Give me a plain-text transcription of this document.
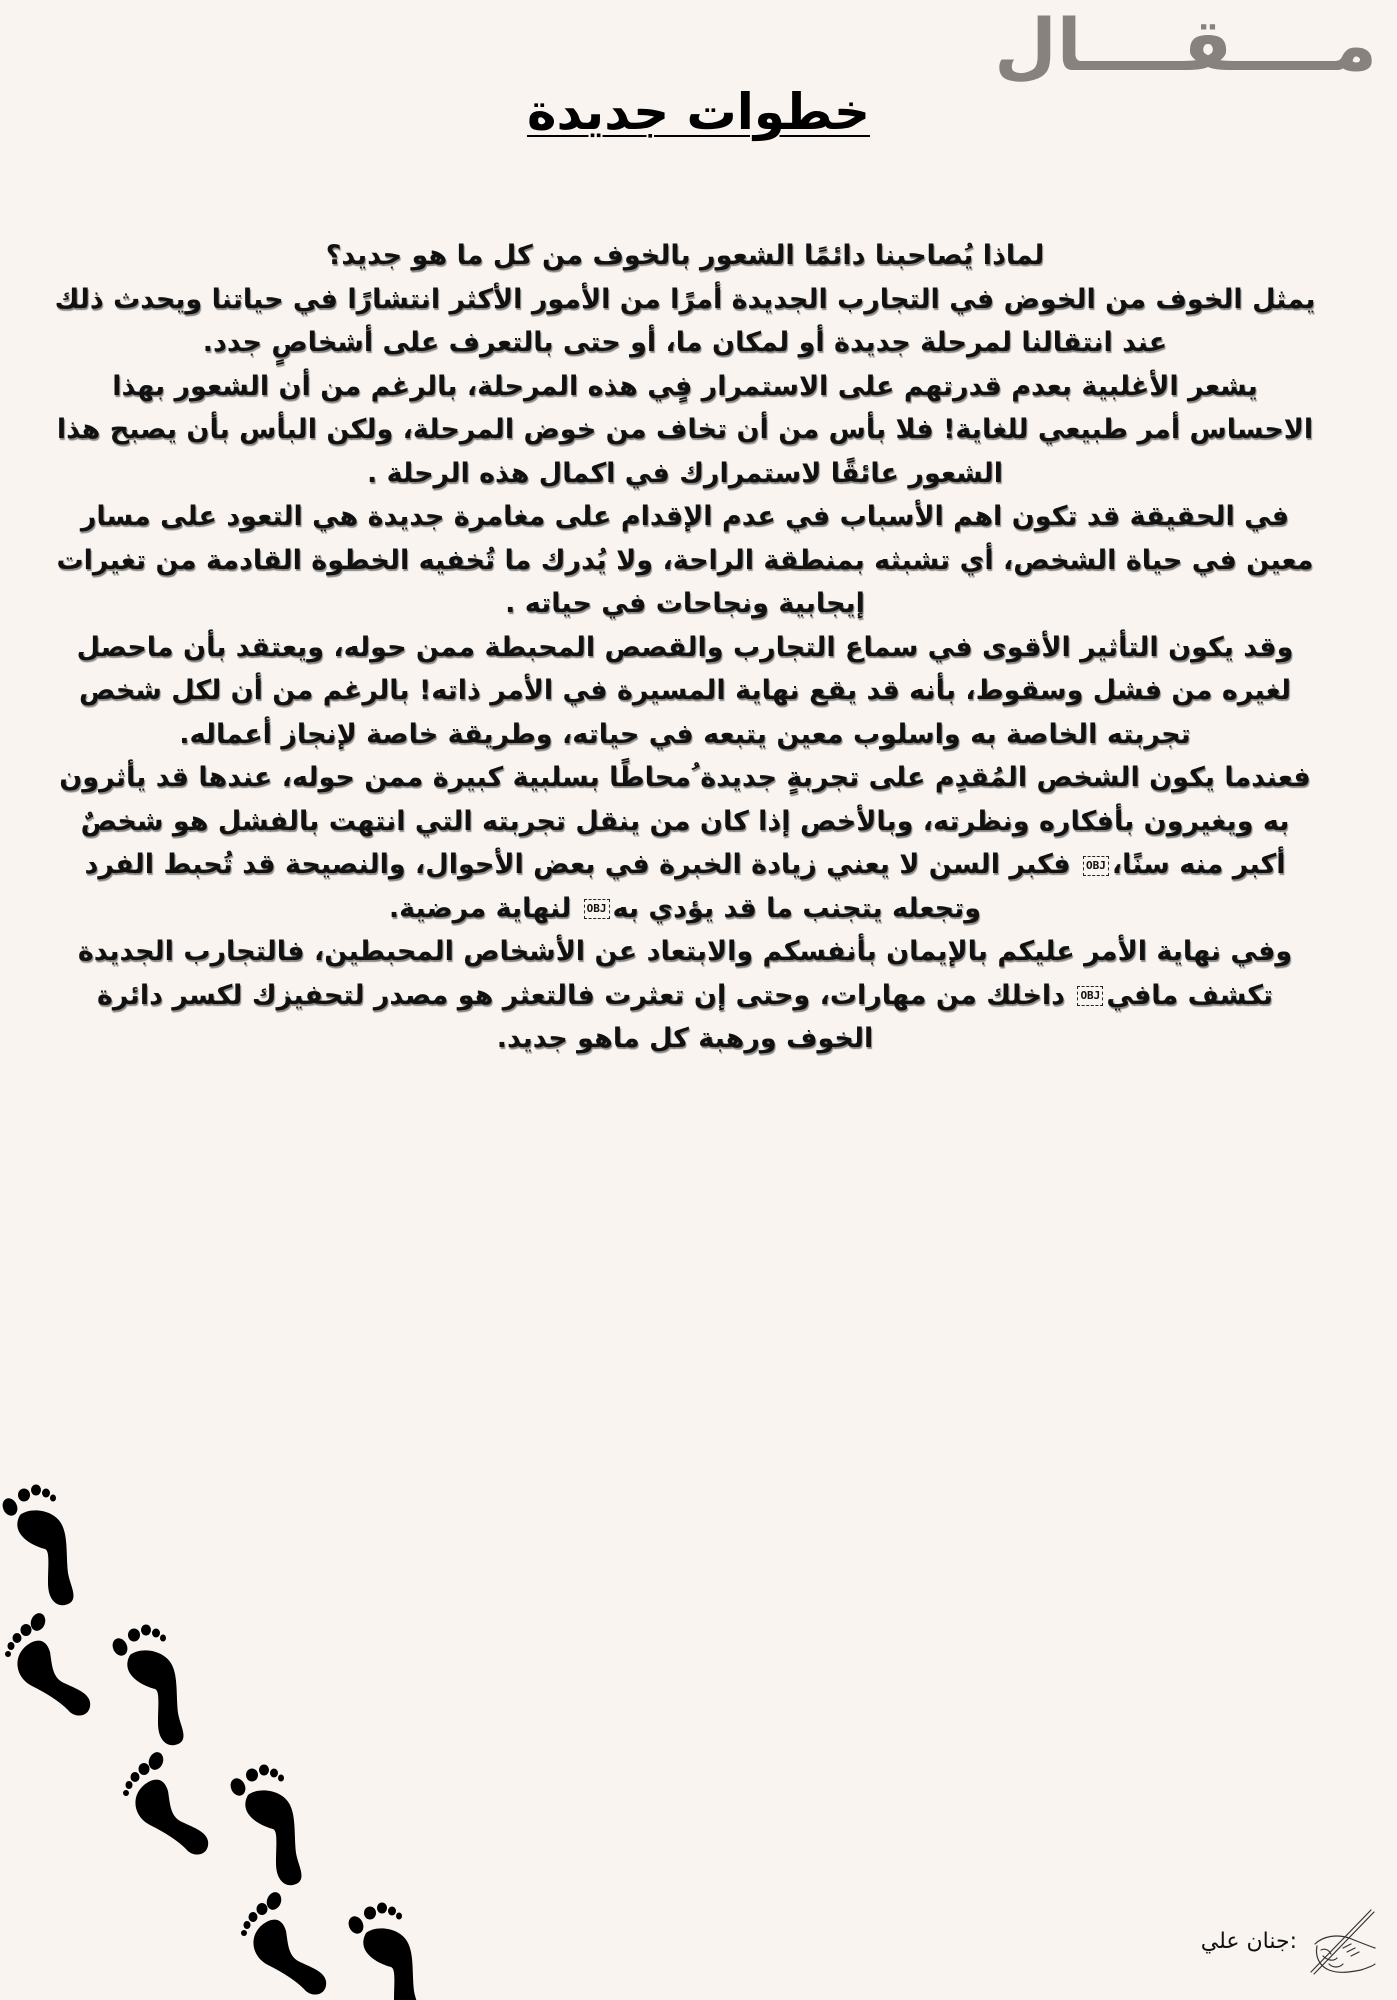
مــــقــــال
خطوات جديدة

لماذا يُصاحبنا دائمًا الشعور بالخوف من كل ما هو جديد؟

يمثل الخوف من الخوض في التجارب الجديدة أمرًا من الأمور الأكثر انتشارًا في حياتنا ويحدث ذلك عند انتقالنا لمرحلة جديدة أو لمكان ما، أو حتى بالتعرف على أشخاصٍ جدد.

يشعر الأغلبية بعدم قدرتهم على الاستمرار فٍي هذه المرحلة، بالرغم من أن الشعور بهذا الاحساس أمر طبيعي للغاية! فلا بأس من أن تخاف من خوض المرحلة، ولكن البأس بأن يصبح هذا الشعور عائقًا لاستمرارك في اكمال هذه الرحلة .

في الحقيقة قد تكون اهم الأسباب في عدم الإقدام على مغامرة جديدة هي التعود على مسار معين في حياة الشخص، أي تشبثه بمنطقة الراحة، ولا يُدرك ما تُخفيه الخطوة القادمة من تغيرات إيجابية ونجاحات في حياته .

وقد يكون التأثير الأقوى في سماع التجارب والقصص المحبطة ممن حوله، ويعتقد بأن ماحصل لغيره من فشل وسقوط، بأنه قد يقع نهاية المسيرة في الأمر ذاته! بالرغم من أن لكل شخص تجربته الخاصة به واسلوب معين يتبعه في حياته، وطريقة خاصة لإنجاز أعماله.

فعندما يكون الشخص المُقدِم على تجربةٍ جديدة ُمحاطًا بسلبية كبيرة ممن حوله، عندها قد يأثرون به ويغيرون بأفكاره ونظرته، وبالأخص إذا كان من ينقل تجربته التي انتهت بالفشل هو شخصٌ أكبر منه سنًا،OBJ فكبر السن لا يعني زيادة الخبرة في بعض الأحوال، والنصيحة قد تُحبط الفرد وتجعله يتجنب ما قد يؤدي بهOBJ لنهاية مرضية.

وفي نهاية الأمر عليكم بالإيمان بأنفسكم والابتعاد عن الأشخاص المحبطين، فالتجارب الجديدة تكشف مافيOBJ داخلك من مهارات، وحتى إن تعثرت فالتعثر هو مصدر لتحفيزك لكسر دائرة الخوف ورهبة كل ماهو جديد.

:جنان علي
